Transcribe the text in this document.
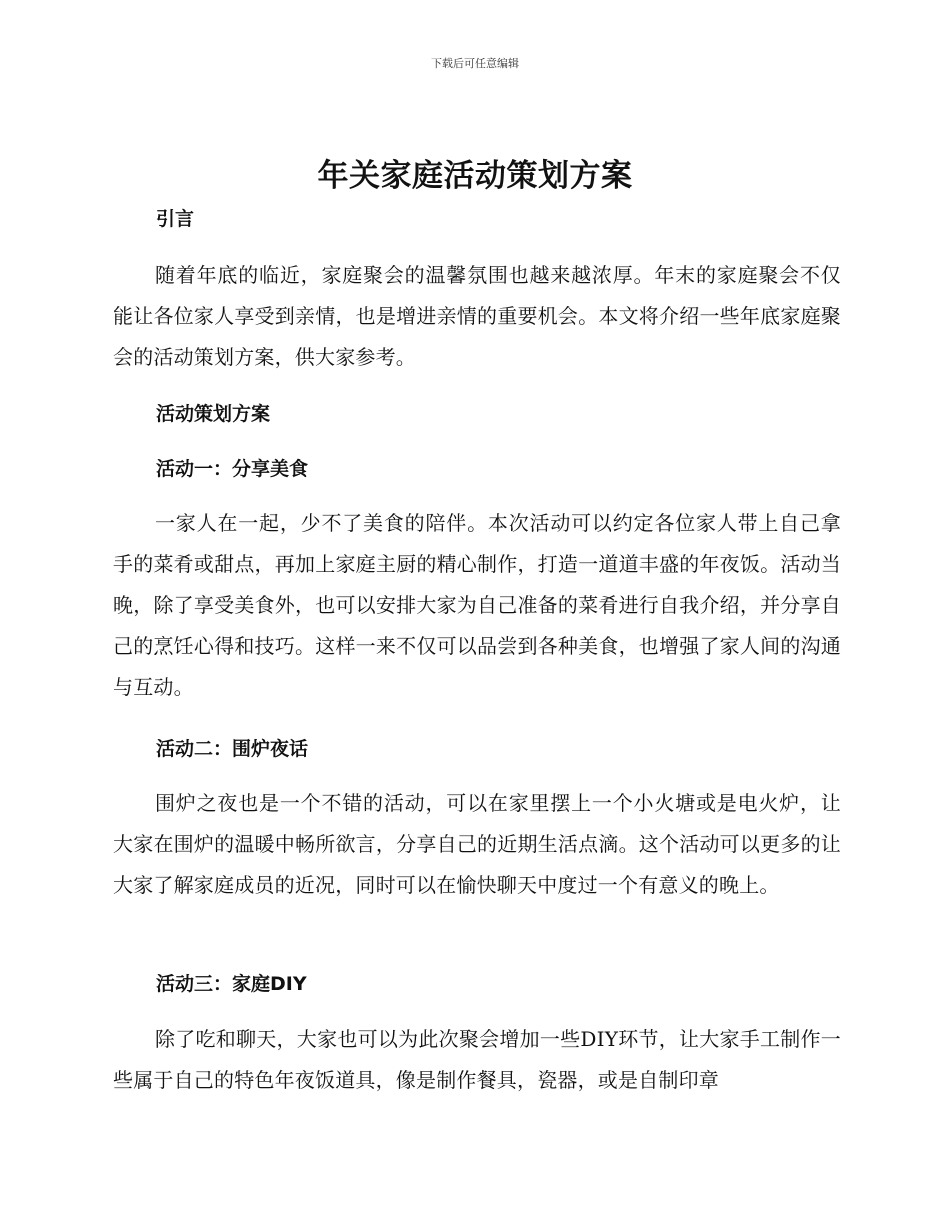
下载后可任意编辑
年关家庭活动策划方案
引言
随着年底的临近，家庭聚会的温馨氛围也越来越浓厚。年末的家庭聚会不仅能让各位家人享受到亲情，也是增进亲情的重要机会。本文将介绍一些年底家庭聚会的活动策划方案，供大家参考。
活动策划方案
活动一：分享美食
一家人在一起，少不了美食的陪伴。本次活动可以约定各位家人带上自己拿手的菜肴或甜点，再加上家庭主厨的精心制作，打造一道道丰盛的年夜饭。活动当晚，除了享受美食外，也可以安排大家为自己准备的菜肴进行自我介绍，并分享自己的烹饪心得和技巧。这样一来不仅可以品尝到各种美食，也增强了家人间的沟通与互动。
活动二：围炉夜话
围炉之夜也是一个不错的活动，可以在家里摆上一个小火塘或是电火炉，让大家在围炉的温暖中畅所欲言，分享自己的近期生活点滴。这个活动可以更多的让大家了解家庭成员的近况，同时可以在愉快聊天中度过一个有意义的晚上。
活动三：家庭DIY
除了吃和聊天，大家也可以为此次聚会增加一些DIY环节，让大家手工制作一些属于自己的特色年夜饭道具，像是制作餐具，瓷器，或是自制印章
